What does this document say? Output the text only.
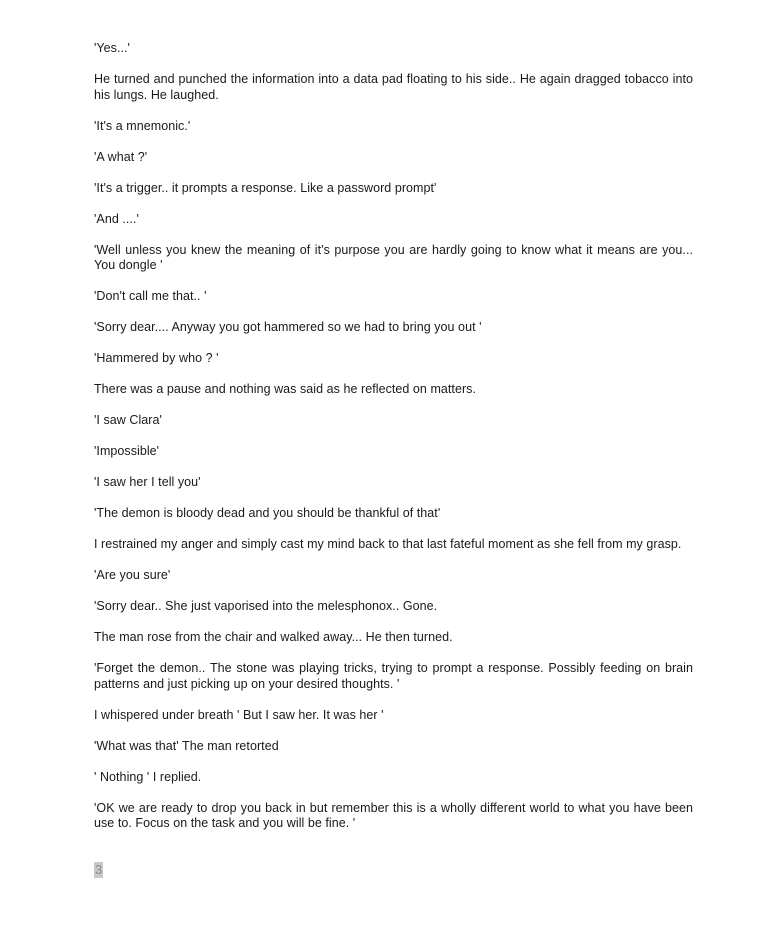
'Yes...'

He turned and punched the information into a data pad floating to his side.. He again dragged tobacco into his lungs. He laughed.

'It's a mnemonic.'

'A what ?'

'It's a trigger.. it prompts a response. Like a password prompt'

'And ....'

'Well unless you knew the meaning of it's purpose you are hardly going to know what it means are you... You dongle '

'Don't call me that.. '

'Sorry dear.... Anyway you got hammered so we had to bring you out '

'Hammered by who ? '

There was a pause and nothing was said as he reflected on matters.

'I saw Clara'

'Impossible'

'I saw her I tell you'

'The demon is bloody dead and you should be thankful of that'

I restrained my anger and simply cast my mind back to that last fateful moment as she fell from my grasp.

'Are you sure'

'Sorry dear.. She just vaporised into the melesphonox.. Gone.

The man rose from the chair and walked away... He then turned.

'Forget the demon.. The stone was playing tricks, trying to prompt a response. Possibly feeding on brain patterns and just picking up on your desired thoughts. '

I whispered under breath ' But I saw her. It was her '

'What was that' The man retorted

' Nothing ' I replied.

'OK we are ready to drop you back in but remember this is a wholly different world to what you have been use to. Focus on the task and you will be fine. '

3
